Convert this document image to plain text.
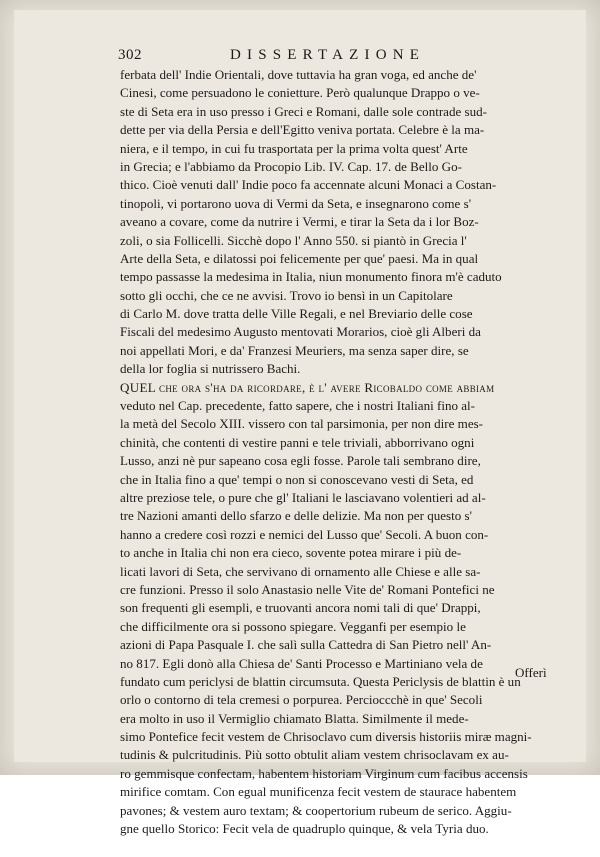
302	DISSERTAZIONE
ferbata dell' Indie Orientali, dove tuttavia ha gran voga, ed anche de'
Cinesi, come persuadono le conietture. Però qualunque Drappo o ve-
ste di Seta era in uso presso i Greci e Romani, dalle sole contrade sud-
dette per via della Persia e dell'Egitto veniva portata. Celebre è la ma-
niera, e il tempo, in cui fu trasportata per la prima volta quest' Arte
in Grecia; e l'abbiamo da Procopio Lib. IV. Cap. 17. de Bello Go-
thico. Cioè venuti dall' Indie poco fa accennate alcuni Monaci a Costan-
tinopoli, vi portarono uova di Vermi da Seta, e insegnarono come s'
aveano a covare, come da nutrire i Vermi, e tirar la Seta da i lor Boz-
zoli, o sia Follicelli. Sicchè dopo l' Anno 550. si piantò in Grecia l'
Arte della Seta, e dilatossi poi felicemente per que' paesi. Ma in qual
tempo passasse la medesima in Italia, niun monumento finora m'è caduto
sotto gli occhi, che ce ne avvisi. Trovo io bensì in un Capitolare
di Carlo M. dove tratta delle Ville Regali, e nel Breviario delle cose
Fiscali del medesimo Augusto mentovati Morarios, cioè gli Alberi da
noi appellati Mori, e da' Franzesi Meuriers, ma senza saper dire, se
della lor foglia si nutrissero Bachi.
QUEL che ora s'ha da ricordare, è l' avere Ricobaldo come abbiam
veduto nel Cap. precedente, fatto sapere, che i nostri Italiani fino al-
la metà del Secolo XIII. vissero con tal parsimonia, per non dire mes-
chinità, che contenti di vestire panni e tele triviali, abborrivano ogni
Lusso, anzi nè pur sapeano cosa egli fosse. Parole tali sembrano dire,
che in Italia fino a que' tempi o non si conoscevano vesti di Seta, ed
altre preziose tele, o pure che gl' Italiani le lasciavano volentieri ad al-
tre Nazioni amanti dello sfarzo e delle delizie. Ma non per questo s'
hanno a credere così rozzi e nemici del Lusso que' Secoli. A buon con-
to anche in Italia chi non era cieco, sovente potea mirare i più de-
licati lavori di Seta, che servivano di ornamento alle Chiese e alle sa-
cre funzioni. Presso il solo Anastasio nelle Vite de' Romani Pontefici ne
son frequenti gli esempli, e truovanti ancora nomi tali di que' Drappi,
che difficilmente ora si possono spiegare. Vegganfi per esempio le
azioni di Papa Pasquale I. che salì sulla Cattedra di San Pietro nell' An-
no 817. Egli donò alla Chiesa de' Santi Processo e Martiniano vela de
fundato cum periclysi de blattin circumsuta. Questa Periclysis de blattin è un
orlo o contorno di tela cremesi o porpurea. Percioccchè in que' Secoli
era molto in uso il Vermiglio chiamato Blatta. Similmente il mede-
simo Pontefice fecit vestem de Chrisoclavo cum diversis historiis miræ magni-
tudinis & pulcritudinis. Più sotto obtulit aliam vestem chrisoclavam ex au-
ro gemmisque confectam, habentem historiam Virginum cum facibus accensis
mirifice comtam. Con egual munificenza fecit vestem de staurace habentem
pavones; & vestem auro textam; & coopertorium rubeum de serico. Aggiu-
gne quello Storico: Fecit vela de quadruplo quinque, & vela Tyria duo.
Offerì
